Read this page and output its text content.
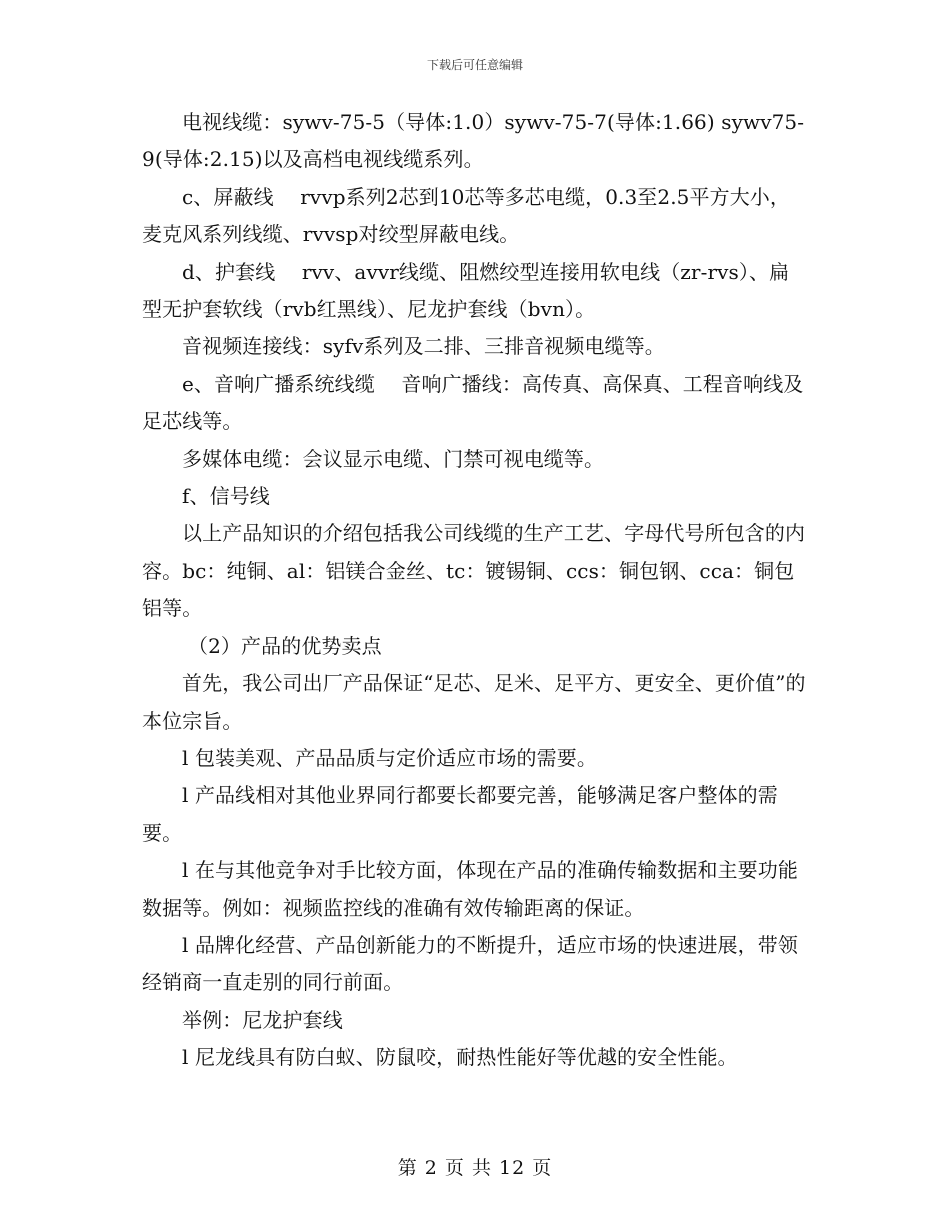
下载后可任意编辑

电视线缆：sywv-75-5（导体:1.0）sywv-75-7(导体:1.66) sywv75-9(导体:2.15)以及高档电视线缆系列。

c、屏蔽线　 rvvp系列2芯到10芯等多芯电缆，0.3至2.5平方大小，麦克风系列线缆、rvvsp对绞型屏蔽电线。

d、护套线　 rvv、avvr线缆、阻燃绞型连接用软电线（zr-rvs）、扁型无护套软线（rvb红黑线）、尼龙护套线（bvn）。

音视频连接线：syfv系列及二排、三排音视频电缆等。

e、音响广播系统线缆　 音响广播线：高传真、高保真、工程音响线及足芯线等。

多媒体电缆：会议显示电缆、门禁可视电缆等。

f、信号线

以上产品知识的介绍包括我公司线缆的生产工艺、字母代号所包含的内容。bc：纯铜、al：铝镁合金丝、tc：镀锡铜、ccs：铜包钢、cca：铜包铝等。

（2）产品的优势卖点

首先，我公司出厂产品保证“足芯、足米、足平方、更安全、更价值”的本位宗旨。

l 包装美观、产品品质与定价适应市场的需要。

l 产品线相对其他业界同行都要长都要完善，能够满足客户整体的需要。

l 在与其他竞争对手比较方面，体现在产品的准确传输数据和主要功能数据等。例如：视频监控线的准确有效传输距离的保证。

l 品牌化经营、产品创新能力的不断提升，适应市场的快速进展，带领经销商一直走别的同行前面。

举例：尼龙护套线

l 尼龙线具有防白蚁、防鼠咬，耐热性能好等优越的安全性能。

第 2 页 共 12 页
